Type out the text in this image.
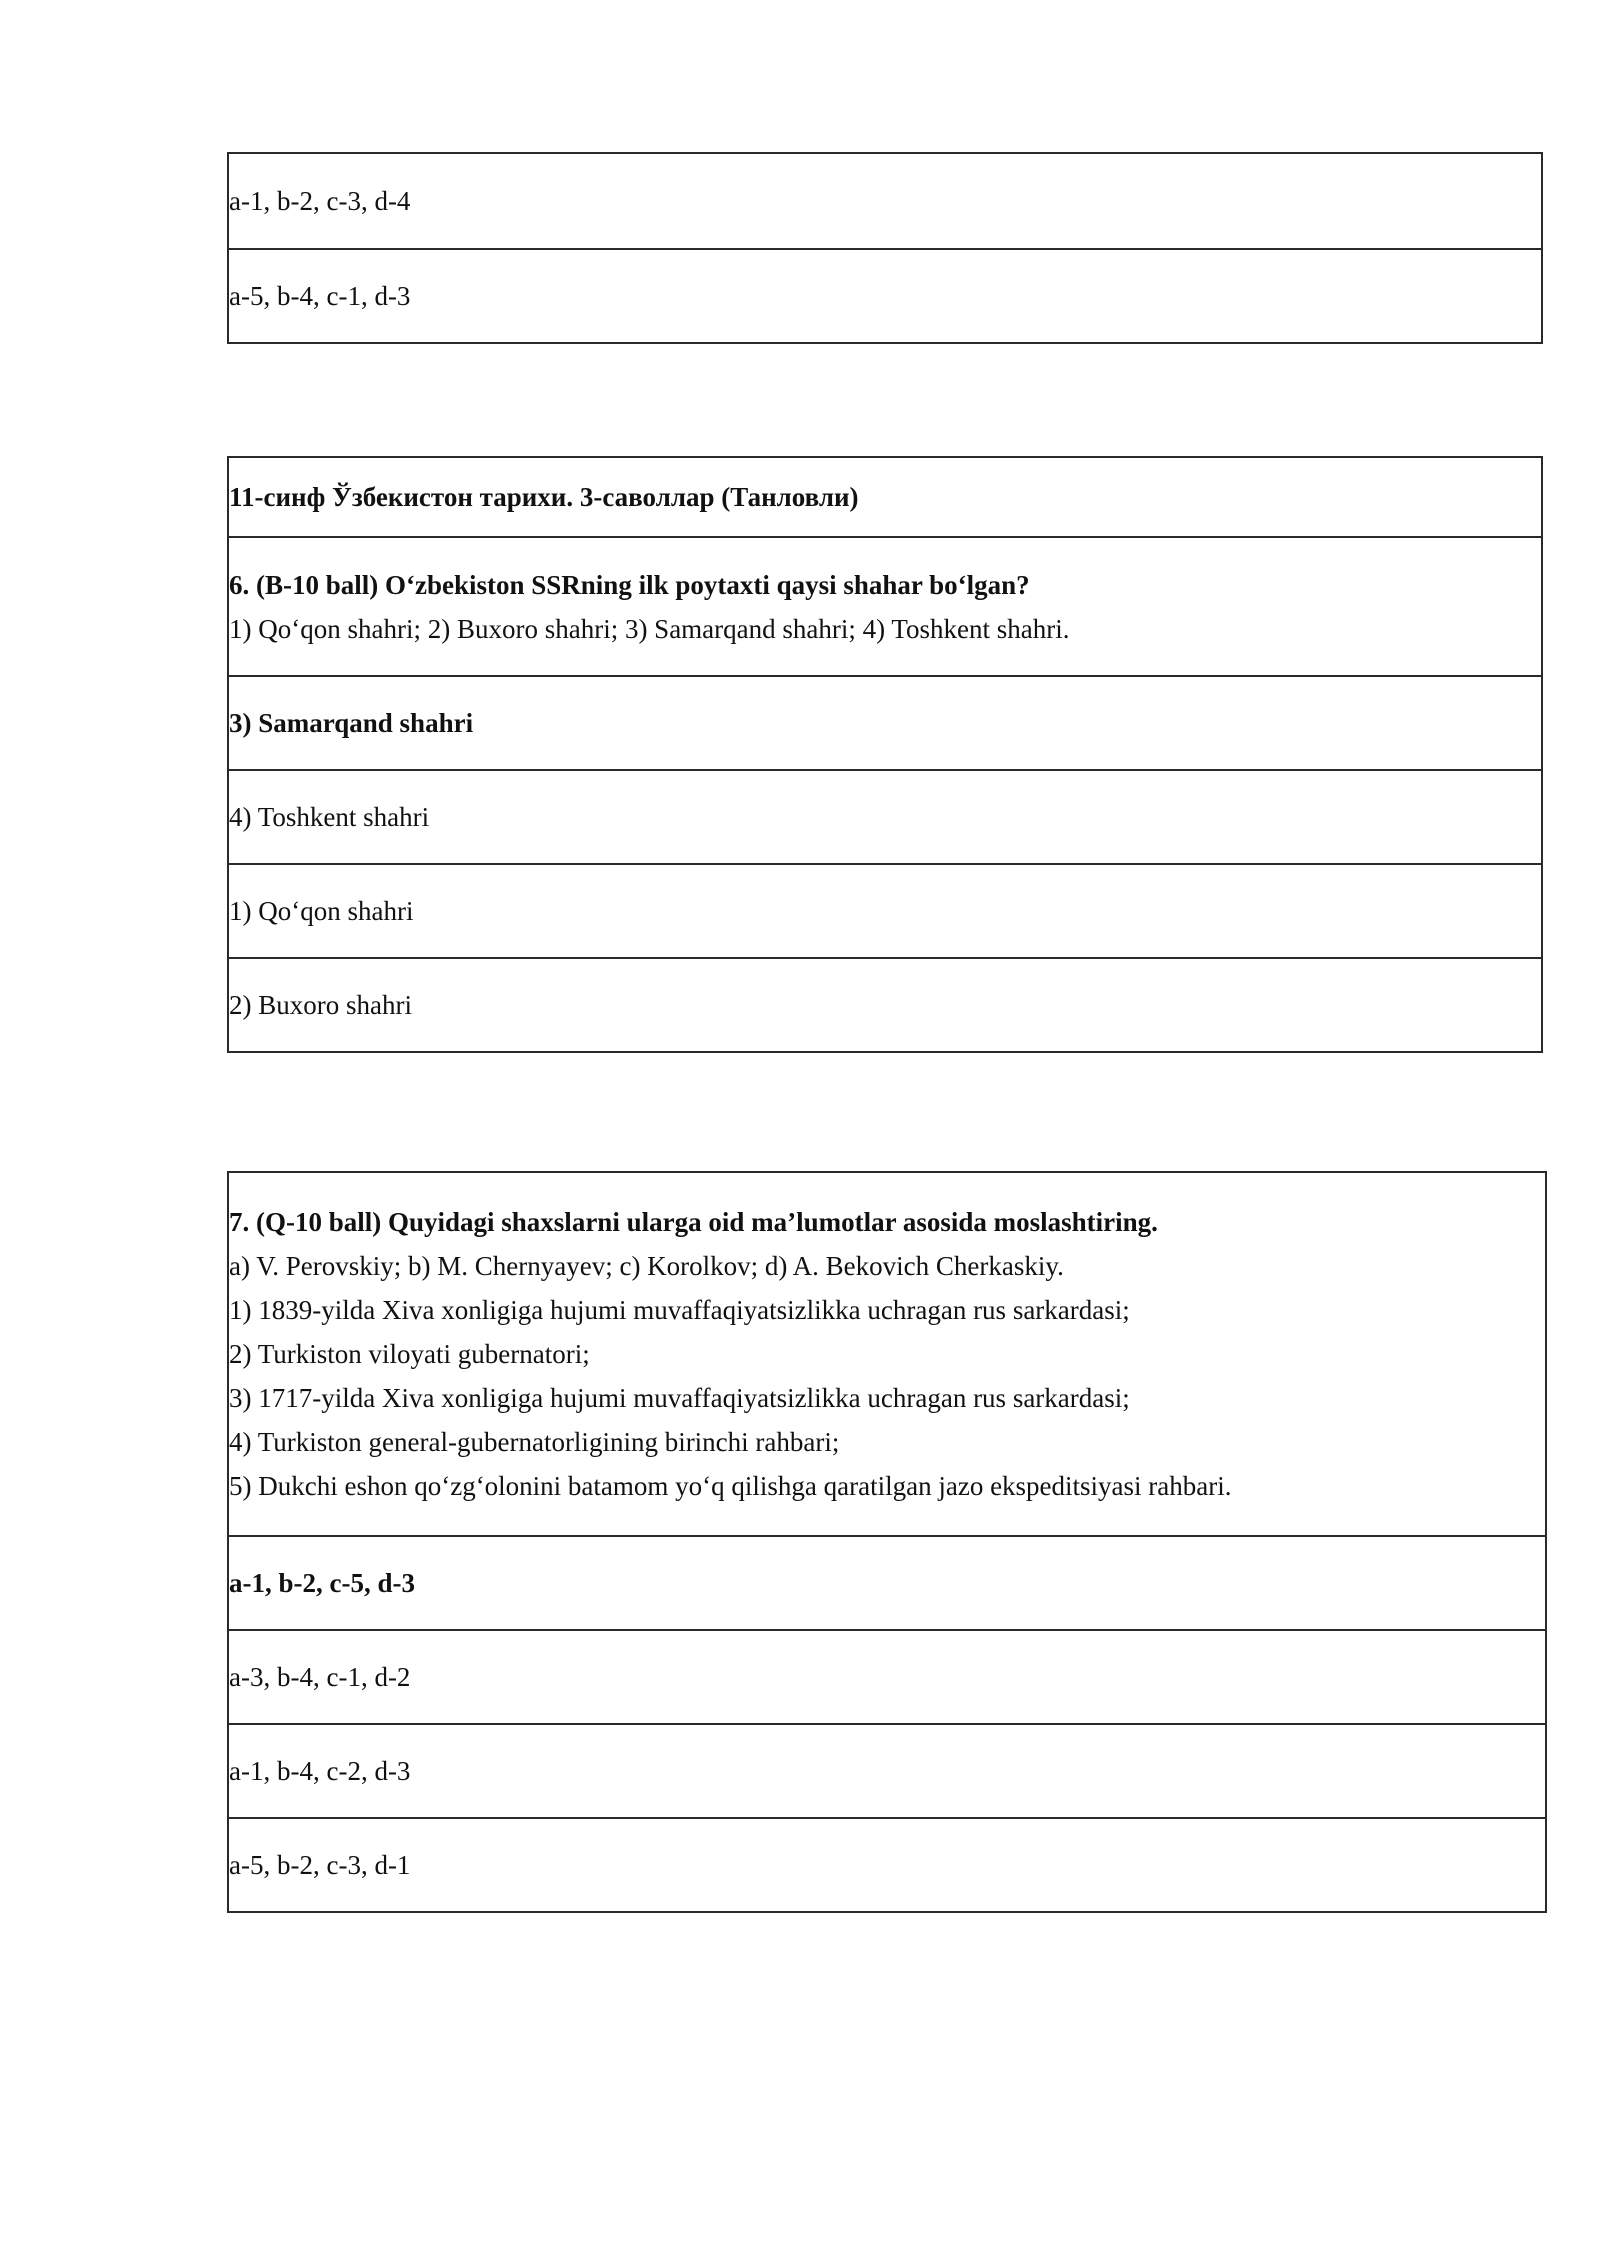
a-1, b-2, c-3, d-4
a-5, b-4, c-1, d-3
11-синф Ўзбекистон тарихи. 3-саволлар (Танловли)
6. (B-10 ball) O‘zbekiston SSRning ilk poytaxti qaysi shahar bo‘lgan?
1) Qo‘qon shahri; 2) Buxoro shahri; 3) Samarqand shahri; 4) Toshkent shahri.
3) Samarqand shahri
4) Toshkent shahri
1) Qo‘qon shahri
2) Buxoro shahri
7. (Q-10 ball) Quyidagi shaxslarni ularga oid ma’lumotlar asosida moslashtiring.
a) V. Perovskiy; b) M. Chernyayev; c) Korolkov; d) A. Bekovich Cherkaskiy.
1) 1839-yilda Xiva xonligiga hujumi muvaffaqiyatsizlikka uchragan rus sarkardasi;
2) Turkiston viloyati gubernatori;
3) 1717-yilda Xiva xonligiga hujumi muvaffaqiyatsizlikka uchragan rus sarkardasi;
4) Turkiston general-gubernatorligining birinchi rahbari;
5) Dukchi eshon qo‘zg‘olonini batamom yo‘q qilishga qaratilgan jazo ekspeditsiyasi rahbari.
a-1, b-2, c-5, d-3
a-3, b-4, c-1, d-2
a-1, b-4, c-2, d-3
a-5, b-2, c-3, d-1
